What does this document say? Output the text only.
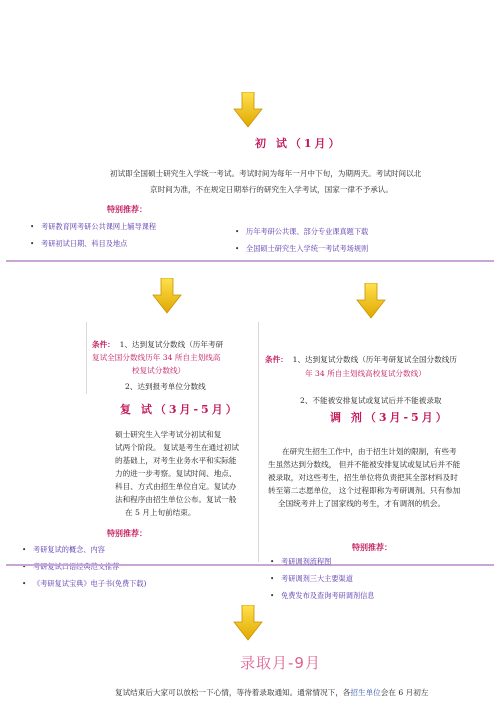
初 试（1月）
初试即全国硕士研究生入学统一考试。考试时间为每年一月中下旬，为期两天。考试时间以北
京时间为准，不在规定日期举行的研究生入学考试，国家一律不予承认。
特别推荐：
• 考研教育网考研公共课网上辅导课程
• 考研初试日期、科目及地点
• 历年考研公共课、部分专业课真题下载
• 全国硕士研究生入学统一考试考场规则
条件： 1、达到复试分数线（历年考研
复试全国分数线历年 34 所自主划线高
校复试分数线）
2、达到报考单位分数线
复 试（3月-5月）
硕士研究生入学考试分初试和复
试两个阶段。 复试是考生在通过初试
的基础上，对考生业务水平和实际能
力的进一步考察。复试时间、地点、
科目、方式由招生单位自定。复试办
法和程序由招生单位公布。复试一般
在 5 月上旬前结束。
特别推荐：
• 考研复试的概念、内容
• 考研复试口语经典范文推荐
• 《考研复试宝典》电子书(免费下载)
条件： 1、达到复试分数线（历年考研复试全国分数线历
年 34 所自主划线高校复试分数线）
2、不能被安排复试或复试后并不能被录取
调 剂（3月-5月）
在研究生招生工作中，由于招生计划的限制，有些考
生虽然达到分数线， 但并不能被安排复试或复试后并不能
被录取，对这些考生，招生单位将负责把其全部材料及时
转至第二志愿单位， 这个过程即称为考研调剂。只有参加
全国统考并上了国家线的考生，才有调剂的机会。
特别推荐：
• 考研调剂流程图
• 考研调剂三大主要渠道
• 免费发布及查询考研调剂信息
录取月-9月
复试结束后大家可以放松一下心情，等待着录取通知。通常情况下，各招生单位会在 6 月初左
